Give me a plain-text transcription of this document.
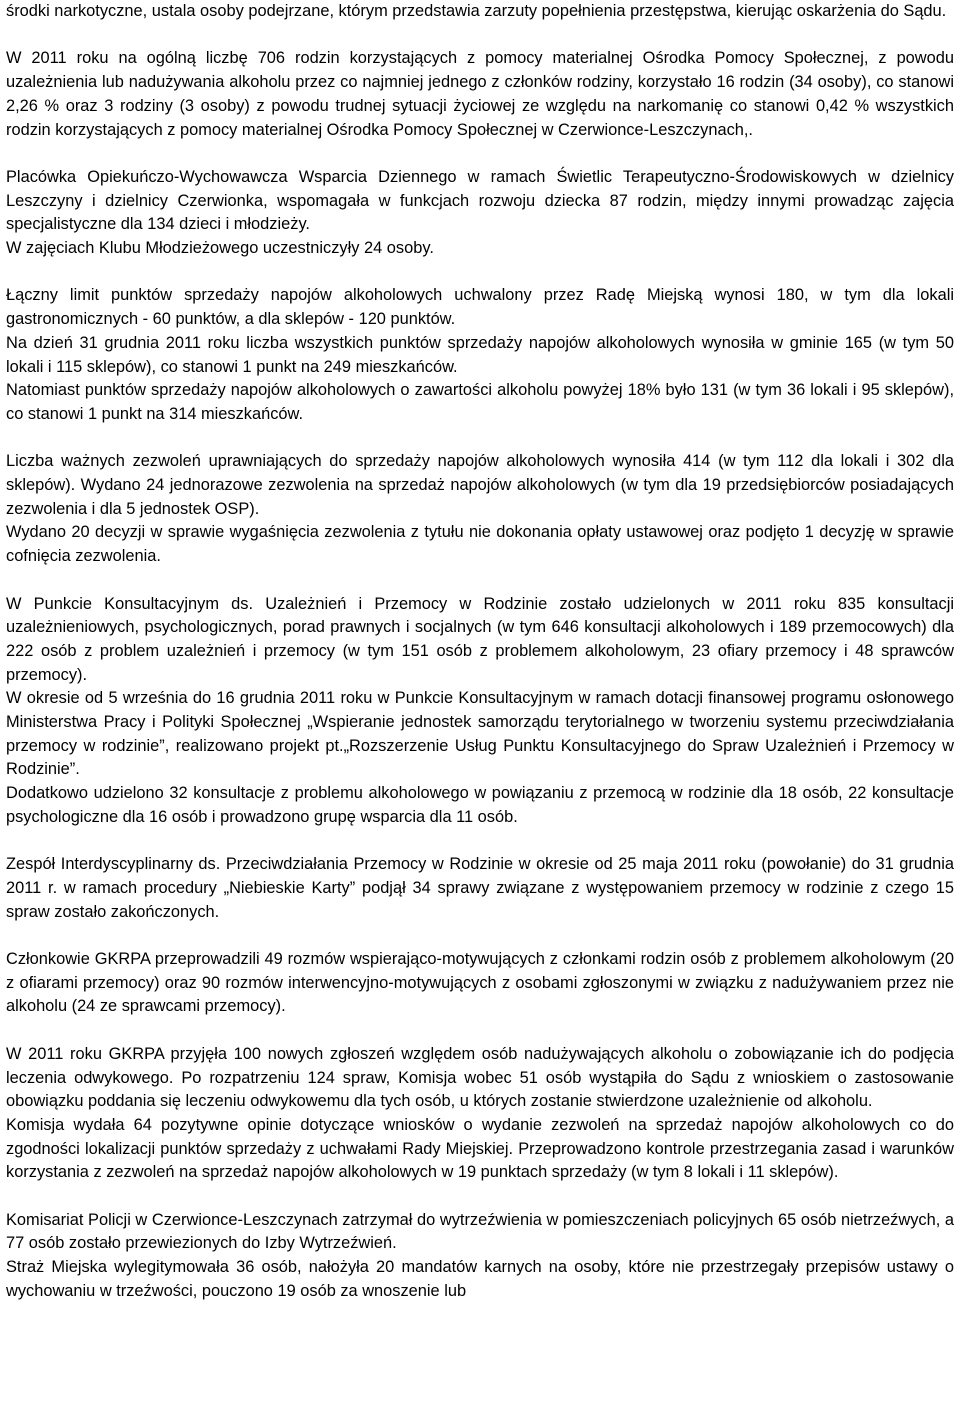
środki narkotyczne, ustala osoby podejrzane, którym przedstawia zarzuty popełnienia przestępstwa, kierując oskarżenia do Sądu.

W 2011 roku na ogólną liczbę 706 rodzin korzystających z pomocy materialnej Ośrodka Pomocy Społecznej, z powodu uzależnienia lub nadużywania alkoholu przez co najmniej jednego z członków rodziny, korzystało 16 rodzin (34 osoby), co stanowi 2,26 % oraz 3 rodziny (3 osoby) z powodu trudnej sytuacji życiowej ze względu na narkomanię co stanowi 0,42 % wszystkich rodzin korzystających z pomocy materialnej Ośrodka Pomocy Społecznej w Czerwionce-Leszczynach,.

Placówka Opiekuńczo-Wychowawcza Wsparcia Dziennego w ramach Świetlic Terapeutyczno-Środowiskowych w dzielnicy Leszczyny i dzielnicy Czerwionka, wspomagała w funkcjach rozwoju dziecka 87 rodzin, między innymi prowadząc zajęcia specjalistyczne dla 134 dzieci i młodzieży.

W zajęciach Klubu Młodzieżowego uczestniczyły 24 osoby.

Łączny limit punktów sprzedaży napojów alkoholowych uchwalony przez Radę Miejską wynosi 180, w tym dla lokali gastronomicznych - 60 punktów, a dla sklepów - 120 punktów.

Na dzień 31 grudnia 2011 roku liczba wszystkich punktów sprzedaży napojów alkoholowych wynosiła w gminie 165 (w tym 50 lokali i 115 sklepów), co stanowi 1 punkt na 249 mieszkańców.

Natomiast punktów sprzedaży napojów alkoholowych o zawartości alkoholu powyżej 18% było 131 (w tym 36 lokali i 95 sklepów), co stanowi 1 punkt na 314 mieszkańców.

Liczba ważnych zezwoleń uprawniających do sprzedaży napojów alkoholowych wynosiła 414 (w tym 112 dla lokali i 302 dla sklepów). Wydano 24 jednorazowe zezwolenia na sprzedaż napojów alkoholowych (w tym dla 19 przedsiębiorców posiadających zezwolenia i dla 5 jednostek OSP).

Wydano 20 decyzji w sprawie wygaśnięcia zezwolenia z tytułu nie dokonania opłaty ustawowej oraz podjęto 1 decyzję w sprawie cofnięcia zezwolenia.

W Punkcie Konsultacyjnym ds. Uzależnień i Przemocy w Rodzinie zostało udzielonych w 2011 roku 835 konsultacji uzależnieniowych, psychologicznych, porad prawnych i socjalnych (w tym 646 konsultacji alkoholowych i 189 przemocowych) dla 222 osób z problem uzależnień i przemocy (w tym 151 osób z problemem alkoholowym, 23 ofiary przemocy i 48 sprawców przemocy).

W okresie od 5 września do 16 grudnia 2011 roku w Punkcie Konsultacyjnym w ramach dotacji finansowej programu osłonowego Ministerstwa Pracy i Polityki Społecznej „Wspieranie jednostek samorządu terytorialnego w tworzeniu systemu przeciwdziałania przemocy w rodzinie”, realizowano projekt pt.„Rozszerzenie Usług Punktu Konsultacyjnego do Spraw Uzależnień i Przemocy w Rodzinie”.

Dodatkowo udzielono 32 konsultacje z problemu alkoholowego w powiązaniu z przemocą w rodzinie dla 18 osób, 22 konsultacje psychologiczne dla 16 osób i prowadzono grupę wsparcia dla 11 osób.

Zespół Interdyscyplinarny ds. Przeciwdziałania Przemocy w Rodzinie w okresie od 25 maja 2011 roku (powołanie) do 31 grudnia 2011 r. w ramach procedury „Niebieskie Karty” podjął 34 sprawy związane z występowaniem przemocy w rodzinie z czego 15 spraw zostało zakończonych.

Członkowie GKRPA przeprowadzili 49 rozmów wspierająco-motywujących z członkami rodzin osób z problemem alkoholowym (20 z ofiarami przemocy) oraz 90 rozmów interwencyjno-motywujących z osobami zgłoszonymi w związku z nadużywaniem przez nie alkoholu (24 ze sprawcami przemocy).

W 2011 roku GKRPA przyjęła 100 nowych zgłoszeń względem osób nadużywających alkoholu o zobowiązanie ich do podjęcia leczenia odwykowego. Po rozpatrzeniu 124 spraw, Komisja wobec 51 osób wystąpiła do Sądu z wnioskiem o zastosowanie obowiązku poddania się leczeniu odwykowemu dla tych osób, u których zostanie stwierdzone uzależnienie od alkoholu.

Komisja wydała 64 pozytywne opinie dotyczące wniosków o wydanie zezwoleń na sprzedaż napojów alkoholowych co do zgodności lokalizacji punktów sprzedaży z uchwałami Rady Miejskiej. Przeprowadzono kontrole przestrzegania zasad i warunków korzystania z zezwoleń na sprzedaż napojów alkoholowych w 19 punktach sprzedaży (w tym 8 lokali i 11 sklepów).

Komisariat Policji w Czerwionce-Leszczynach zatrzymał do wytrzeźwienia w pomieszczeniach policyjnych 65 osób nietrzeźwych, a 77 osób zostało przewiezionych do Izby Wytrzeźwień.

Straż Miejska wylegitymowała 36 osób, nałożyła 20 mandatów karnych na osoby, które nie przestrzegały przepisów ustawy o wychowaniu w trzeźwości, pouczono 19 osób za wnoszenie lub
